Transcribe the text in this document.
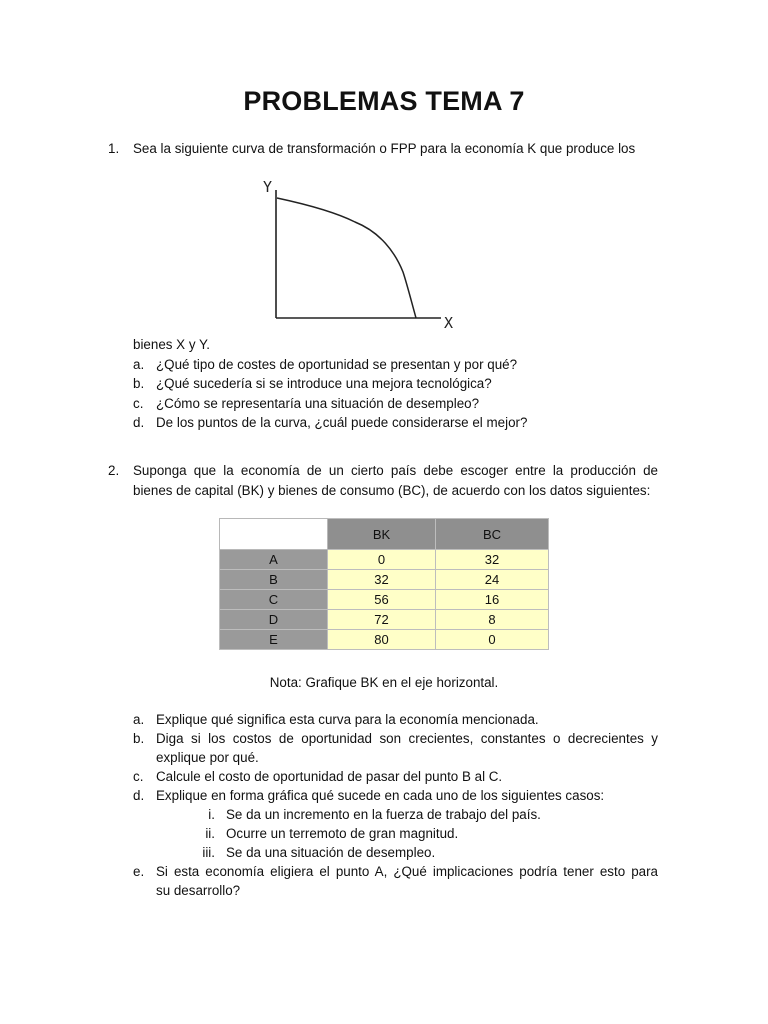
PROBLEMAS TEMA 7
1.	Sea la siguiente curva de transformación o FPP para la economía K que produce los
Y
X
bienes X y Y.
a. ¿Qué tipo de costes de oportunidad se presentan y por qué?
b. ¿Qué sucedería si se introduce una mejora tecnológica?
c. ¿Cómo se representaría una situación de desempleo?
d. De los puntos de la curva, ¿cuál puede considerarse el mejor?
2.	Suponga que la economía de un cierto país debe escoger entre la producción de
bienes de capital (BK) y bienes de consumo (BC), de acuerdo con los datos siguientes:
	BK	BC
A	0	32
B	32	24
C	56	16
D	72	8
E	80	0
Nota: Grafique BK en el eje horizontal.
a. Explique qué significa esta curva para la economía mencionada.
b. Diga si los costos de oportunidad son crecientes, constantes o decrecientes y
explique por qué.
c. Calcule el costo de oportunidad de pasar del punto B al C.
d. Explique en forma gráfica qué sucede en cada uno de los siguientes casos:
i. Se da un incremento en la fuerza de trabajo del país.
ii. Ocurre un terremoto de gran magnitud.
iii. Se da una situación de desempleo.
e. Si esta economía eligiera el punto A, ¿Qué implicaciones podría tener esto para
su desarrollo?
